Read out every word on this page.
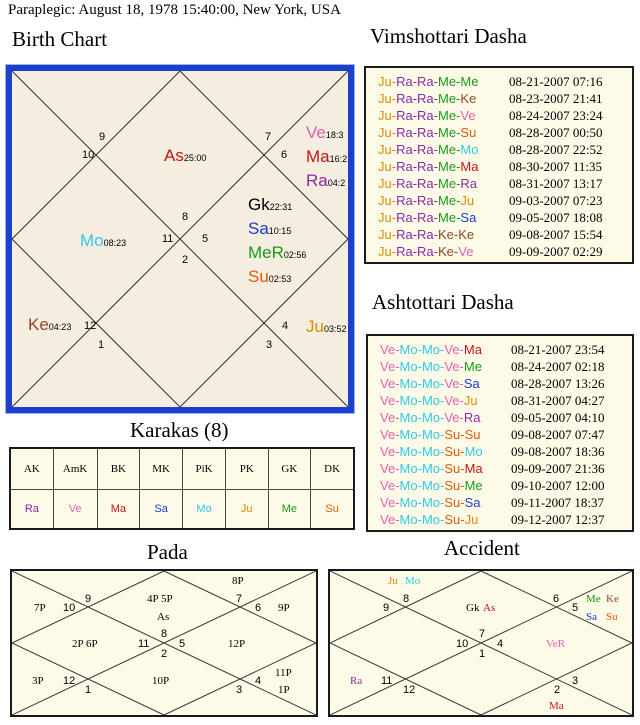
Paraplegic: August 18, 1978 15:40:00, New York, USA
Birth Chart	Vimshottari Dasha
Ashtottari Dasha
Karakas (8)
Pada	Accident
9
10
7
6
8
11	5
2
12
1
4
3
As25:00
Ve18:3
Ma16:2
Ra04:2
Gk22:31
Sa10:15
MeR02:56
Su02:53
Mo08:23
Ke04:23	Ju03:52
Ju-Ra-Ra-Me-Me 08-21-2007 07:16
Ju-Ra-Ra-Me-Ke	08-23-2007 21:41
Ju-Ra-Ra-Me-Ve	08-24-2007 23:24
Ju-Ra-Ra-Me-Su	08-28-2007 00:50
Ju-Ra-Ra-Me-Mo 08-28-2007 22:52
Ju-Ra-Ra-Me-Ma 08-30-2007 11:35
Ju-Ra-Ra-Me-Ra 08-31-2007 13:17
Ju-Ra-Ra-Me-Ju	09-03-2007 07:23
Ju-Ra-Ra-Me-Sa	09-05-2007 18:08
Ju-Ra-Ra-Ke-Ke	09-08-2007 15:54
Ju-Ra-Ra-Ke-Ve	09-09-2007 02:29
Ve-Mo-Mo-Ve-Ma 08-21-2007 23:54
Ve-Mo-Mo-Ve-Me 08-24-2007 02:18
Ve-Mo-Mo-Ve-Sa 08-28-2007 13:26
Ve-Mo-Mo-Ve-Ju	08-31-2007 04:27
Ve-Mo-Mo-Ve-Ra 09-05-2007 04:10
Ve-Mo-Mo-Su-Su 09-08-2007 07:47
Ve-Mo-Mo-Su-Mo 09-08-2007 18:36
Ve-Mo-Mo-Su-Ma 09-09-2007 21:36
Ve-Mo-Mo-Su-Me 09-10-2007 12:00
Ve-Mo-Mo-Su-Sa 09-11-2007 18:37
Ve-Mo-Mo-Su-Ju	09-12-2007 12:37
AK	AmK	BK	MK	PiK	PK	GK	DK
Ra	Ve	Ma	Sa	Mo	Ju	Me	Su
9
10
7
6
8
11	5
2
12
1
4
3
7P
4P 5P
As
8P
9P
2P 6P	12P
3P	10P
11P
1P
9
8	6
5
7
10	4
1
11
12	2
3
Ju Mo
Gk As
Me Ke
Sa Su
VeR
Ra
Ma
